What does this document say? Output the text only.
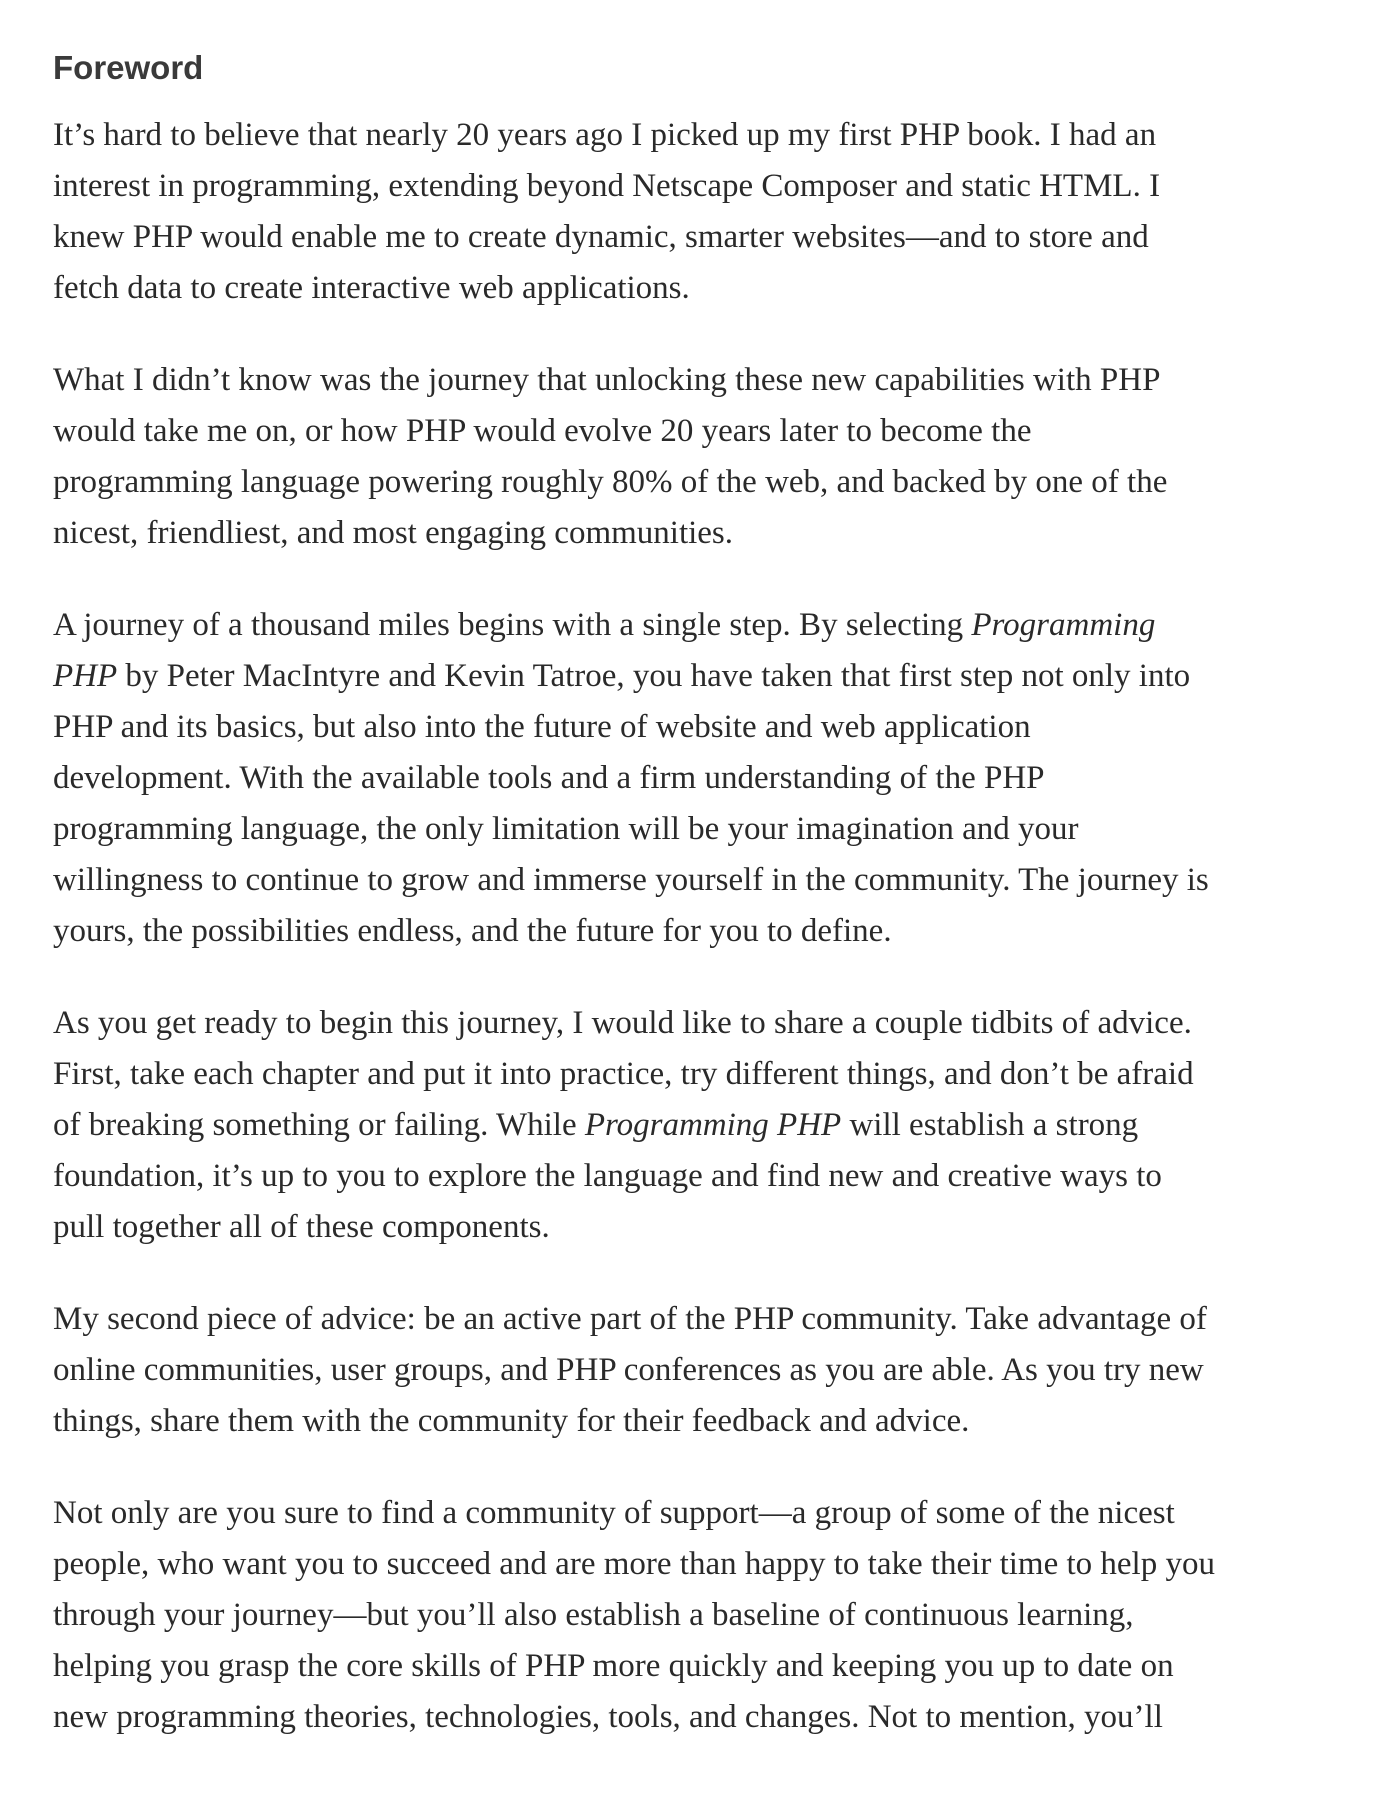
Foreword

It’s hard to believe that nearly 20 years ago I picked up my first PHP book. I had an
interest in programming, extending beyond Netscape Composer and static HTML. I
knew PHP would enable me to create dynamic, smarter websites—and to store and
fetch data to create interactive web applications.

What I didn’t know was the journey that unlocking these new capabilities with PHP
would take me on, or how PHP would evolve 20 years later to become the
programming language powering roughly 80% of the web, and backed by one of the
nicest, friendliest, and most engaging communities.

A journey of a thousand miles begins with a single step. By selecting Programming
PHP by Peter MacIntyre and Kevin Tatroe, you have taken that first step not only into
PHP and its basics, but also into the future of website and web application
development. With the available tools and a firm understanding of the PHP
programming language, the only limitation will be your imagination and your
willingness to continue to grow and immerse yourself in the community. The journey is
yours, the possibilities endless, and the future for you to define.

As you get ready to begin this journey, I would like to share a couple tidbits of advice.
First, take each chapter and put it into practice, try different things, and don’t be afraid
of breaking something or failing. While Programming PHP will establish a strong
foundation, it’s up to you to explore the language and find new and creative ways to
pull together all of these components.

My second piece of advice: be an active part of the PHP community. Take advantage of
online communities, user groups, and PHP conferences as you are able. As you try new
things, share them with the community for their feedback and advice.

Not only are you sure to find a community of support—a group of some of the nicest
people, who want you to succeed and are more than happy to take their time to help you
through your journey—but you’ll also establish a baseline of continuous learning,
helping you grasp the core skills of PHP more quickly and keeping you up to date on
new programming theories, technologies, tools, and changes. Not to mention, you’ll
